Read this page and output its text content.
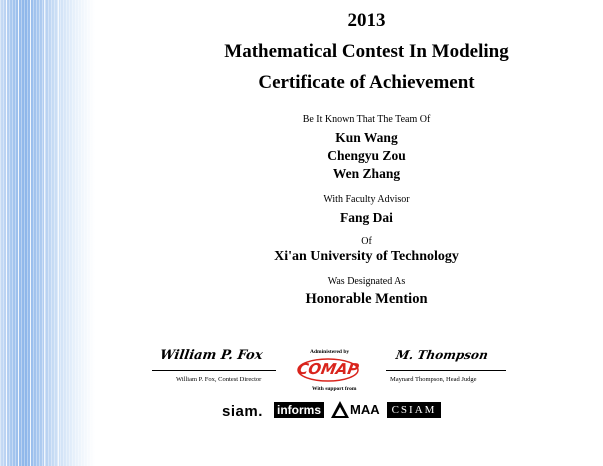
2013
Mathematical Contest In Modeling
Certificate of Achievement
Be It Known That The Team Of
Kun Wang
Chengyu Zou
Wen Zhang
With Faculty Advisor
Fang Dai
Of
Xi'an University of Technology
Was Designated As
Honorable Mention
William P. Fox
William P. Fox, Contest Director
Administered by
COMAP
With support from
M. Thompson
Maynard Thompson, Head Judge
siam. informs MAA	CSIAM
